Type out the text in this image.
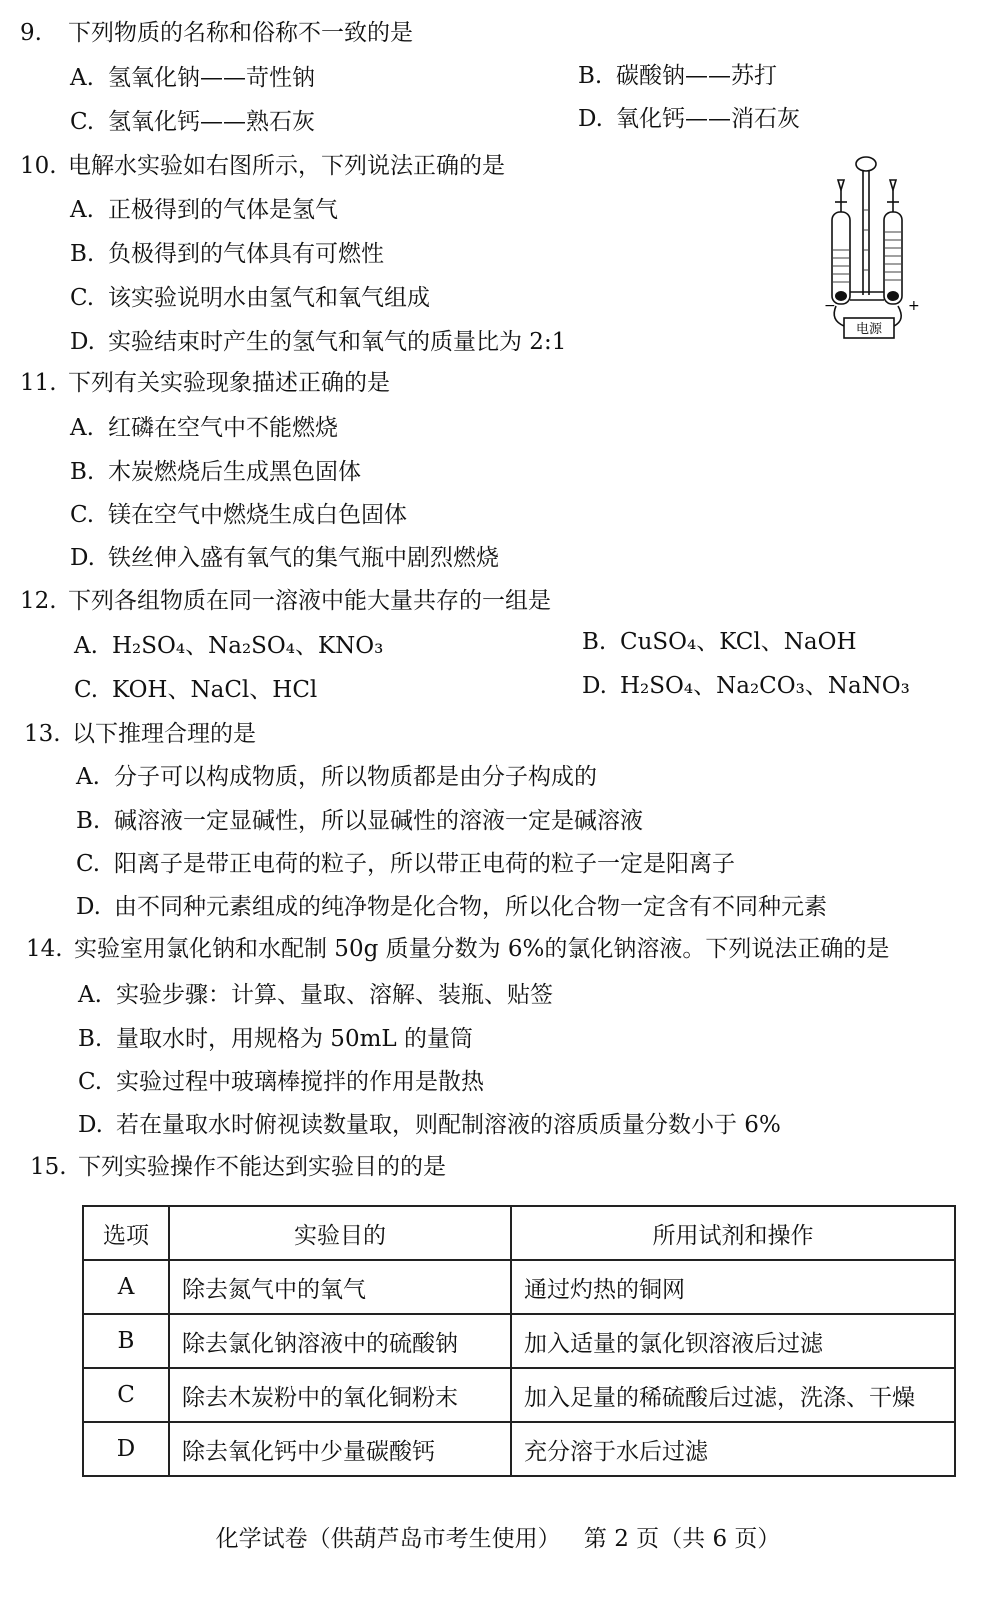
9. 下列物质的名称和俗称不一致的是
A. 氢氧化钠——苛性钠	B. 碳酸钠——苏打
C. 氢氧化钙——熟石灰	D. 氧化钙——消石灰
10. 电解水实验如右图所示，下列说法正确的是
A. 正极得到的气体是氢气
B. 负极得到的气体具有可燃性
C. 该实验说明水由氢气和氧气组成
D. 实验结束时产生的氢气和氧气的质量比为 2:1	电源
−	+
11. 下列有关实验现象描述正确的是
A. 红磷在空气中不能燃烧
B. 木炭燃烧后生成黑色固体
C. 镁在空气中燃烧生成白色固体
D. 铁丝伸入盛有氧气的集气瓶中剧烈燃烧
12. 下列各组物质在同一溶液中能大量共存的一组是
A. H₂SO₄、Na₂SO₄、KNO₃	B. CuSO₄、KCl、NaOH
C. KOH、NaCl、HCl	D. H₂SO₄、Na₂CO₃、NaNO₃
13. 以下推理合理的是
A. 分子可以构成物质，所以物质都是由分子构成的
B. 碱溶液一定显碱性，所以显碱性的溶液一定是碱溶液
C. 阳离子是带正电荷的粒子，所以带正电荷的粒子一定是阳离子
D. 由不同种元素组成的纯净物是化合物，所以化合物一定含有不同种元素
14. 实验室用氯化钠和水配制 50g 质量分数为 6%的氯化钠溶液。下列说法正确的是
A. 实验步骤：计算、量取、溶解、装瓶、贴签
B. 量取水时，用规格为 50mL 的量筒
C. 实验过程中玻璃棒搅拌的作用是散热
D. 若在量取水时俯视读数量取，则配制溶液的溶质质量分数小于 6%
15. 下列实验操作不能达到实验目的的是
选项	实验目的	所用试剂和操作
A	除去氮气中的氧气	通过灼热的铜网
B	除去氯化钠溶液中的硫酸钠	加入适量的氯化钡溶液后过滤
C	除去木炭粉中的氧化铜粉末	加入足量的稀硫酸后过滤，洗涤、干燥
D	除去氧化钙中少量碳酸钙	充分溶于水后过滤
化学试卷（供葫芦岛市考生使用） 第 2 页（共 6 页）
